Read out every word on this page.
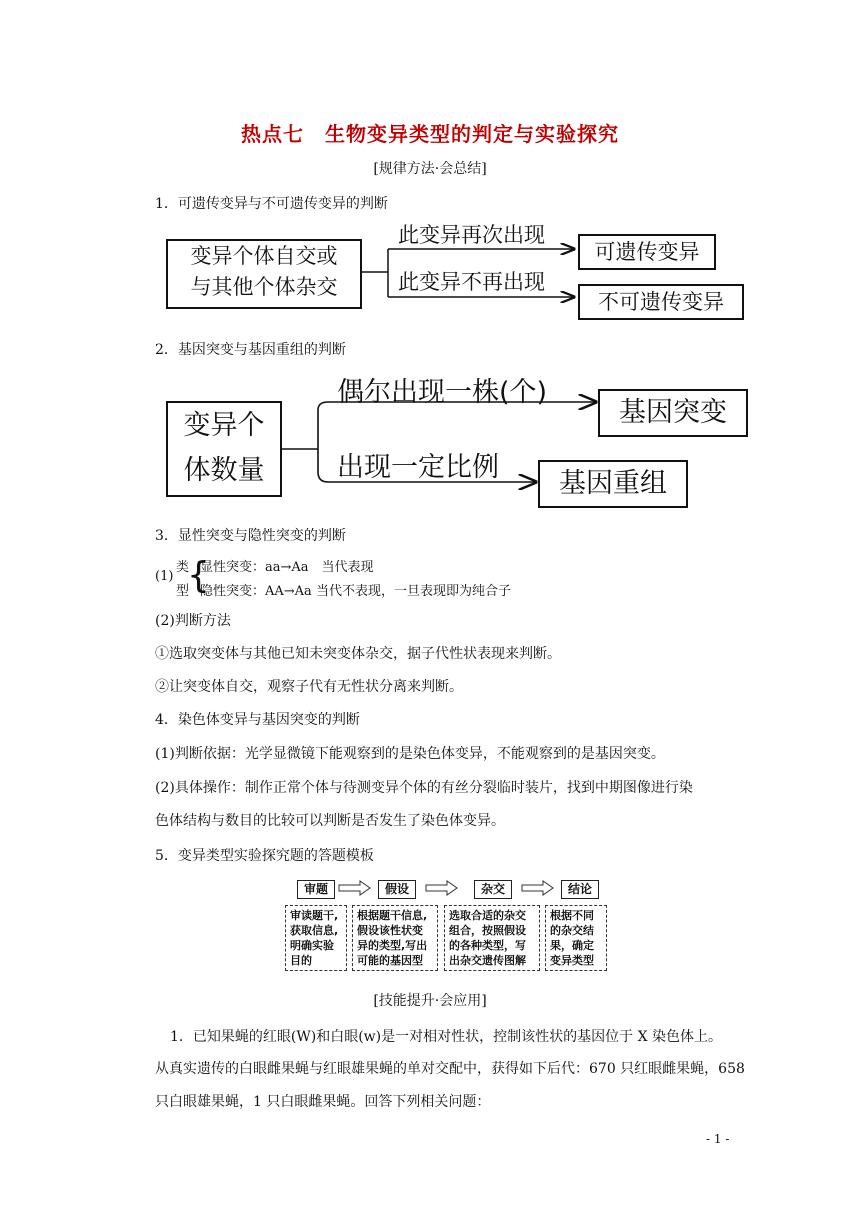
热点七　生物变异类型的判定与实验探究
[规律方法·会总结]
1．可遗传变异与不可遗传变异的判断
变异个体自交或
与其他个体杂交
此变异再次出现
此变异不再出现
可遗传变异
不可遗传变异
2．基因突变与基因重组的判断
变异个
体数量
偶尔出现一株(个)
出现一定比例
基因突变
基因重组
3．显性突变与隐性突变的判断
(1)
类
型
{
显性突变：aa→Aa　当代表现
隐性突变：AA→Aa 当代不表现，一旦表现即为纯合子
(2)判断方法
①选取突变体与其他已知未突变体杂交，据子代性状表现来判断。
②让突变体自交，观察子代有无性状分离来判断。
4．染色体变异与基因突变的判断
(1)判断依据：光学显微镜下能观察到的是染色体变异，不能观察到的是基因突变。
(2)具体操作：制作正常个体与待测变异个体的有丝分裂临时装片，找到中期图像进行染
色体结构与数目的比较可以判断是否发生了染色体变异。
5．变异类型实验探究题的答题模板
审题	假设	杂交	结论
审读题干,
获取信息,
明确实验
目的
根据题干信息,
假设该性状变
异的类型,写出
可能的基因型
选取合适的杂交
组合，按照假设
的各种类型，写
出杂交遗传图解
根据不同
的杂交结
果，确定
变异类型
[技能提升·会应用]
1．已知果蝇的红眼(W)和白眼(w)是一对相对性状，控制该性状的基因位于 X 染色体上。
从真实遗传的白眼雌果蝇与红眼雄果蝇的单对交配中，获得如下后代：670 只红眼雌果蝇，658
只白眼雄果蝇，1 只白眼雌果蝇。回答下列相关问题：
- 1 -
